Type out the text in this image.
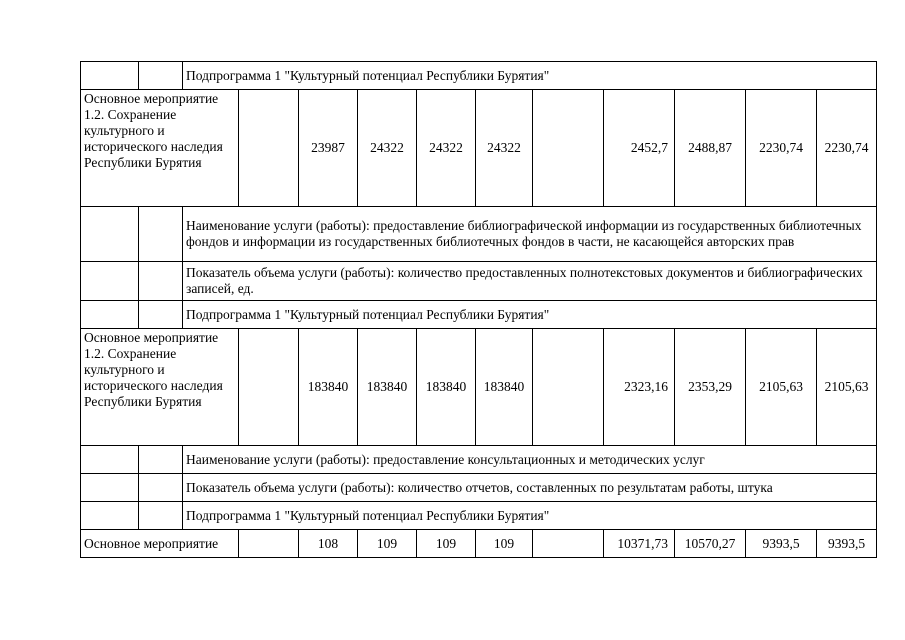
		Подпрограмма 1 "Культурный потенциал Республики Бурятия"										
Основное мероприятие 1.2. Сохранение культурного и исторического наследия Республики Бурятия				23987	24322	24322	24322		2452,7	2488,87	2230,74	2230,74
		Наименование услуги (работы): предоставление библиографической информации из государственных библиотечных фондов и информации из государственных библиотечных фондов в части, не касающейся авторских прав										
		Показатель объема услуги (работы): количество предоставленных полнотекстовых документов и библиографических записей, ед.										
		Подпрограмма 1 "Культурный потенциал Республики Бурятия"										
Основное мероприятие 1.2. Сохранение культурного и исторического наследия Республики Бурятия				183840	183840	183840	183840		2323,16	2353,29	2105,63	2105,63
		Наименование услуги (работы): предоставление консультационных и методических услуг										
		Показатель объема услуги (работы): количество отчетов, составленных по результатам работы, штука										
		Подпрограмма 1 "Культурный потенциал Республики Бурятия"										
Основное мероприятие				108	109	109	109		10371,73	10570,27	9393,5	9393,5
